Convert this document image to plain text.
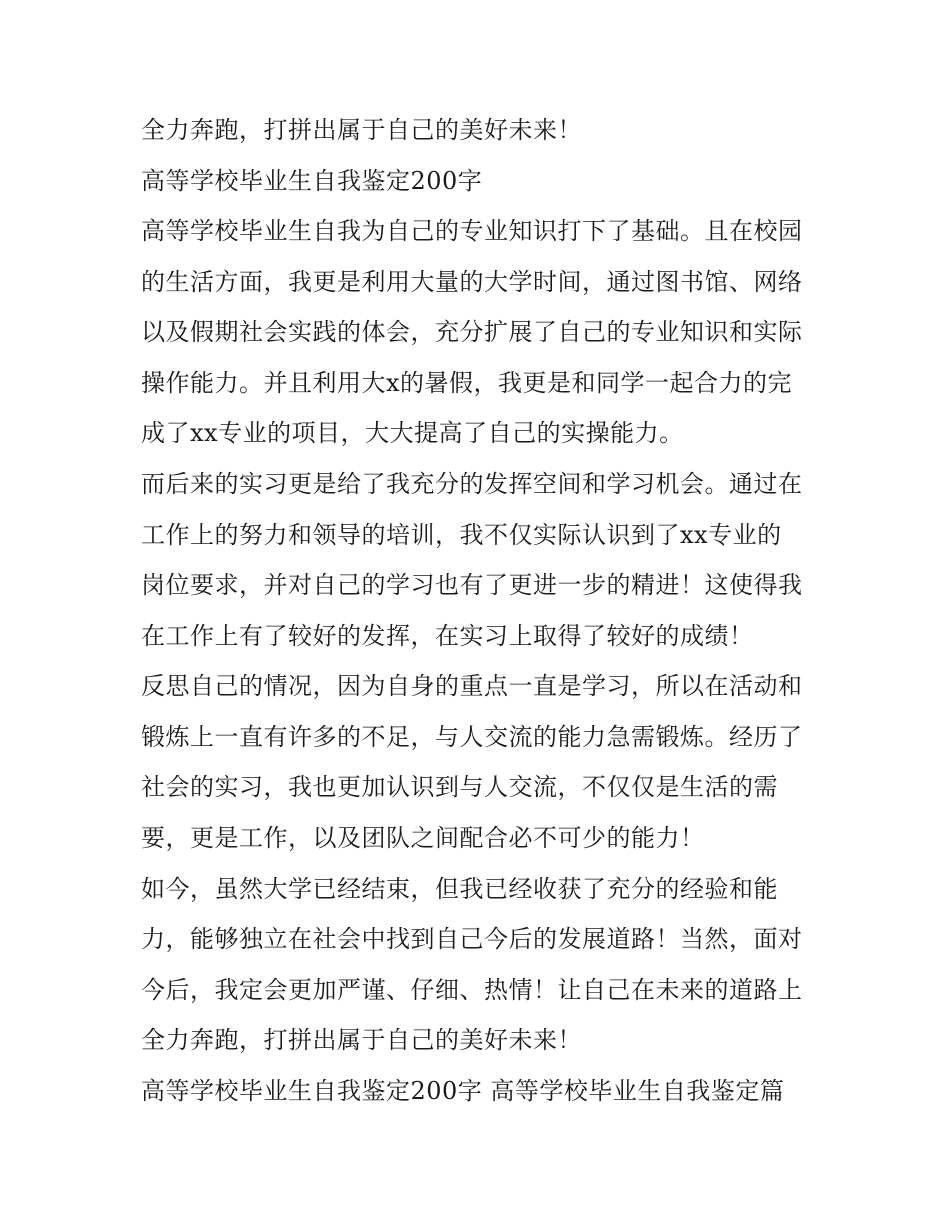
全力奔跑，打拼出属于自己的美好未来！
高等学校毕业生自我鉴定200字
高等学校毕业生自我为自己的专业知识打下了基础。且在校园
的生活方面，我更是利用大量的大学时间，通过图书馆、网络
以及假期社会实践的体会，充分扩展了自己的专业知识和实际
操作能力。并且利用大x的暑假，我更是和同学一起合力的完
成了xx专业的项目，大大提高了自己的实操能力。
而后来的实习更是给了我充分的发挥空间和学习机会。通过在
工作上的努力和领导的培训，我不仅实际认识到了xx专业的
岗位要求，并对自己的学习也有了更进一步的精进！这使得我
在工作上有了较好的发挥，在实习上取得了较好的成绩！
反思自己的情况，因为自身的重点一直是学习，所以在活动和
锻炼上一直有许多的不足，与人交流的能力急需锻炼。经历了
社会的实习，我也更加认识到与人交流，不仅仅是生活的需
要，更是工作，以及团队之间配合必不可少的能力！
如今，虽然大学已经结束，但我已经收获了充分的经验和能
力，能够独立在社会中找到自己今后的发展道路！当然，面对
今后，我定会更加严谨、仔细、热情！让自己在未来的道路上
全力奔跑，打拼出属于自己的美好未来！
高等学校毕业生自我鉴定200字 高等学校毕业生自我鉴定篇
